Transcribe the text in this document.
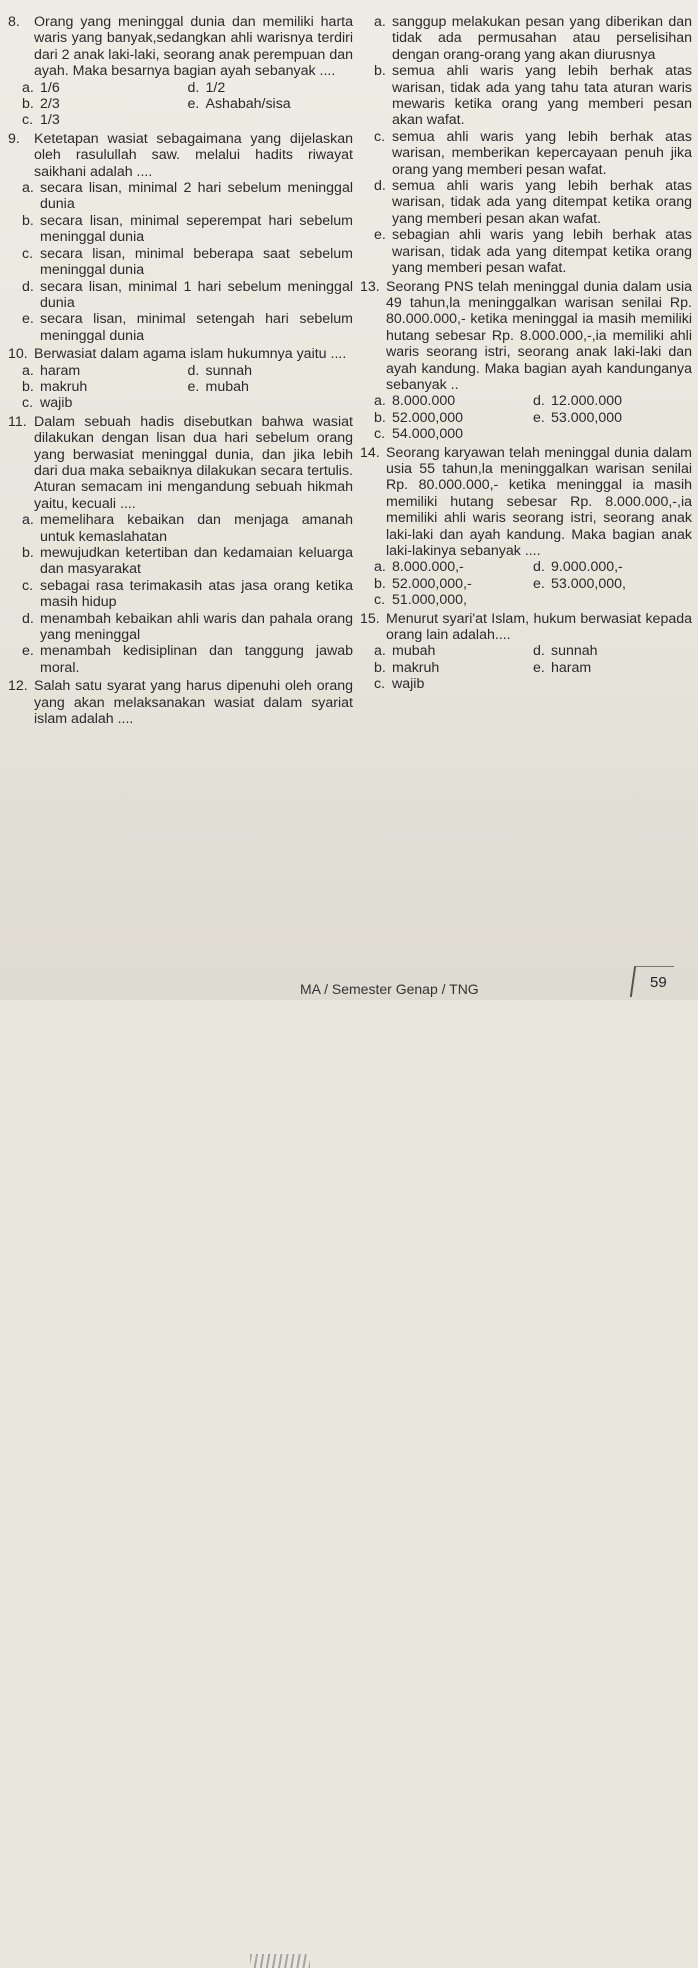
8. Orang yang meninggal dunia dan memiliki harta waris yang banyak,sedangkan ahli warisnya terdiri dari 2 anak laki-laki, seorang anak perempuan dan ayah. Maka besarnya bagian ayah sebanyak ....
a. 1/6	d. 1/2
b. 2/3	e. Ashabah/sisa
c. 1/3
9. Ketetapan wasiat sebagaimana yang dijelaskan oleh rasulullah saw. melalui hadits riwayat saikhani adalah ....
a. secara lisan, minimal 2 hari sebelum meninggal dunia
b. secara lisan, minimal seperempat hari sebelum meninggal dunia
c. secara lisan, minimal beberapa saat sebelum meninggal dunia
d. secara lisan, minimal 1 hari sebelum meninggal dunia
e. secara lisan, minimal setengah hari sebelum meninggal dunia
10. Berwasiat dalam agama islam hukumnya yaitu ....
a. haram	d. sunnah
b. makruh	e. mubah
c. wajib
11. Dalam sebuah hadis disebutkan bahwa wasiat dilakukan dengan lisan dua hari sebelum orang yang berwasiat meninggal dunia, dan jika lebih dari dua maka sebaiknya dilakukan secara tertulis. Aturan semacam ini mengandung sebuah hikmah yaitu, kecuali ....
a. memelihara kebaikan dan menjaga amanah untuk kemaslahatan
b. mewujudkan ketertiban dan kedamaian keluarga dan masyarakat
c. sebagai rasa terimakasih atas jasa orang ketika masih hidup
d. menambah kebaikan ahli waris dan pahala orang yang meninggal
e. menambah kedisiplinan dan tanggung jawab moral.
12. Salah satu syarat yang harus dipenuhi oleh orang yang akan melaksanakan wasiat dalam syariat islam adalah ....
a. sanggup melakukan pesan yang diberikan dan tidak ada permusahan atau perselisihan dengan orang-orang yang akan diurusnya
b. semua ahli waris yang lebih berhak atas warisan, tidak ada yang tahu tata aturan waris mewaris ketika orang yang memberi pesan akan wafat.
c. semua ahli waris yang lebih berhak atas warisan, memberikan kepercayaan penuh jika orang yang memberi pesan wafat.
d. semua ahli waris yang lebih berhak atas warisan, tidak ada yang ditempat ketika orang yang memberi pesan akan wafat.
e. sebagian ahli waris yang lebih berhak atas warisan, tidak ada yang ditempat ketika orang yang memberi pesan wafat.
13. Seorang PNS telah meninggal dunia dalam usia 49 tahun,la meninggalkan warisan senilai Rp. 80.000.000,- ketika meninggal ia masih memiliki hutang sebesar Rp. 8.000.000,-,ia memiliki ahli waris seorang istri, seorang anak laki-laki dan ayah kandung. Maka bagian ayah kandunganya sebanyak ..
a. 8.000.000	d. 12.000.000
b. 52.000,000	e. 53.000,000
c. 54.000,000
14. Seorang karyawan telah meninggal dunia dalam usia 55 tahun,la meninggalkan warisan senilai Rp. 80.000.000,- ketika meninggal ia masih memiliki hutang sebesar Rp. 8.000.000,-,ia memiliki ahli waris seorang istri, seorang anak laki-laki dan ayah kandung. Maka bagian anak laki-lakinya sebanyak ....
a. 8.000.000,-	d. 9.000.000,-
b. 52.000,000,-	e. 53.000,000,
c. 51.000,000,
15. Menurut syari'at Islam, hukum berwasiat kepada orang lain adalah....
a. mubah	d. sunnah
b. makruh	e. haram
c. wajib
MA / Semester Genap / TNG	59
